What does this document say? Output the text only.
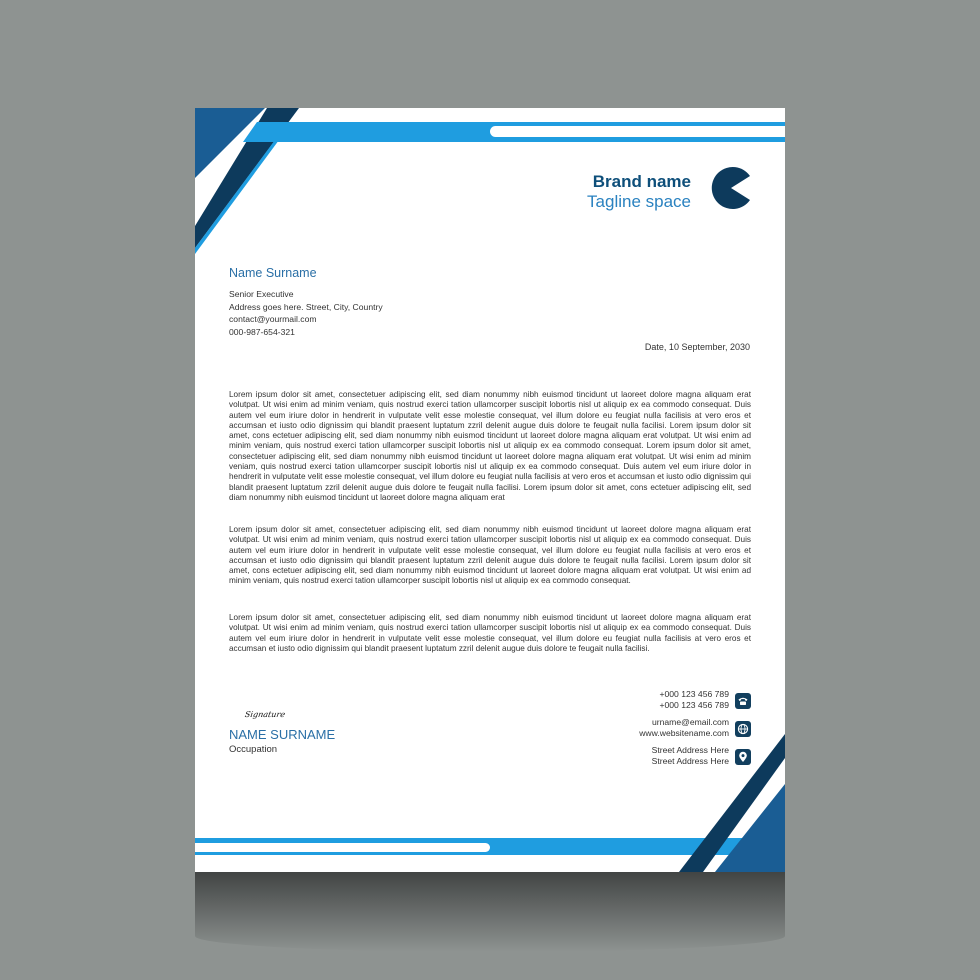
Brand name
Tagline space
Name Surname
Senior Executive
Address goes here. Street, City, Country
contact@yourmail.com
000-987-654-321
Date, 10 September, 2030
Lorem ipsum dolor sit amet, consectetuer adipiscing elit, sed diam nonummy nibh euismod tincidunt ut laoreet dolore magna aliquam erat volutpat. Ut wisi enim ad minim veniam, quis nostrud exerci tation ullamcorper suscipit lobortis nisl ut aliquip ex ea commodo consequat. Duis autem vel eum iriure dolor in hendrerit in vulputate velit esse molestie consequat, vel illum dolore eu feugiat nulla facilisis at vero eros et accumsan et iusto odio dignissim qui blandit praesent luptatum zzril delenit augue duis dolore te feugait nulla facilisi. Lorem ipsum dolor sit amet, cons ectetuer adipiscing elit, sed diam nonummy nibh euismod tincidunt ut laoreet dolore magna aliquam erat volutpat. Ut wisi enim ad minim veniam, quis nostrud exerci tation ullamcorper suscipit lobortis nisl ut aliquip ex ea commodo consequat. Lorem ipsum dolor sit amet, consectetuer adipiscing elit, sed diam nonummy nibh euismod tincidunt ut laoreet dolore magna aliquam erat volutpat. Ut wisi enim ad minim veniam, quis nostrud exerci tation ullamcorper suscipit lobortis nisl ut aliquip ex ea commodo consequat. Duis autem vel eum iriure dolor in hendrerit in vulputate velit esse molestie consequat, vel illum dolore eu feugiat nulla facilisis at vero eros et accumsan et iusto odio dignissim qui blandit praesent luptatum zzril delenit augue duis dolore te feugait nulla facilisi. Lorem ipsum dolor sit amet, cons ectetuer adipiscing elit, sed diam nonummy nibh euismod tincidunt ut laoreet dolore magna aliquam erat
Lorem ipsum dolor sit amet, consectetuer adipiscing elit, sed diam nonummy nibh euismod tincidunt ut laoreet dolore magna aliquam erat volutpat. Ut wisi enim ad minim veniam, quis nostrud exerci tation ullamcorper suscipit lobortis nisl ut aliquip ex ea commodo consequat. Duis autem vel eum iriure dolor in hendrerit in vulputate velit esse molestie consequat, vel illum dolore eu feugiat nulla facilisis at vero eros et accumsan et iusto odio dignissim qui blandit praesent luptatum zzril delenit augue duis dolore te feugait nulla facilisi. Lorem ipsum dolor sit amet, cons ectetuer adipiscing elit, sed diam nonummy nibh euismod tincidunt ut laoreet dolore magna aliquam erat volutpat. Ut wisi enim ad minim veniam, quis nostrud exerci tation ullamcorper suscipit lobortis nisl ut aliquip ex ea commodo consequat.
Lorem ipsum dolor sit amet, consectetuer adipiscing elit, sed diam nonummy nibh euismod tincidunt ut laoreet dolore magna aliquam erat volutpat. Ut wisi enim ad minim veniam, quis nostrud exerci tation ullamcorper suscipit lobortis nisl ut aliquip ex ea commodo consequat. Duis autem vel eum iriure dolor in hendrerit in vulputate velit esse molestie consequat, vel illum dolore eu feugiat nulla facilisis at vero eros et accumsan et iusto odio dignissim qui blandit praesent luptatum zzril delenit augue duis dolore te feugait nulla facilisi.
Signature
NAME SURNAME
Occupation
+000 123 456 789
+000 123 456 789
urname@email.com
www.websitename.com
Street Address Here
Street Address Here
